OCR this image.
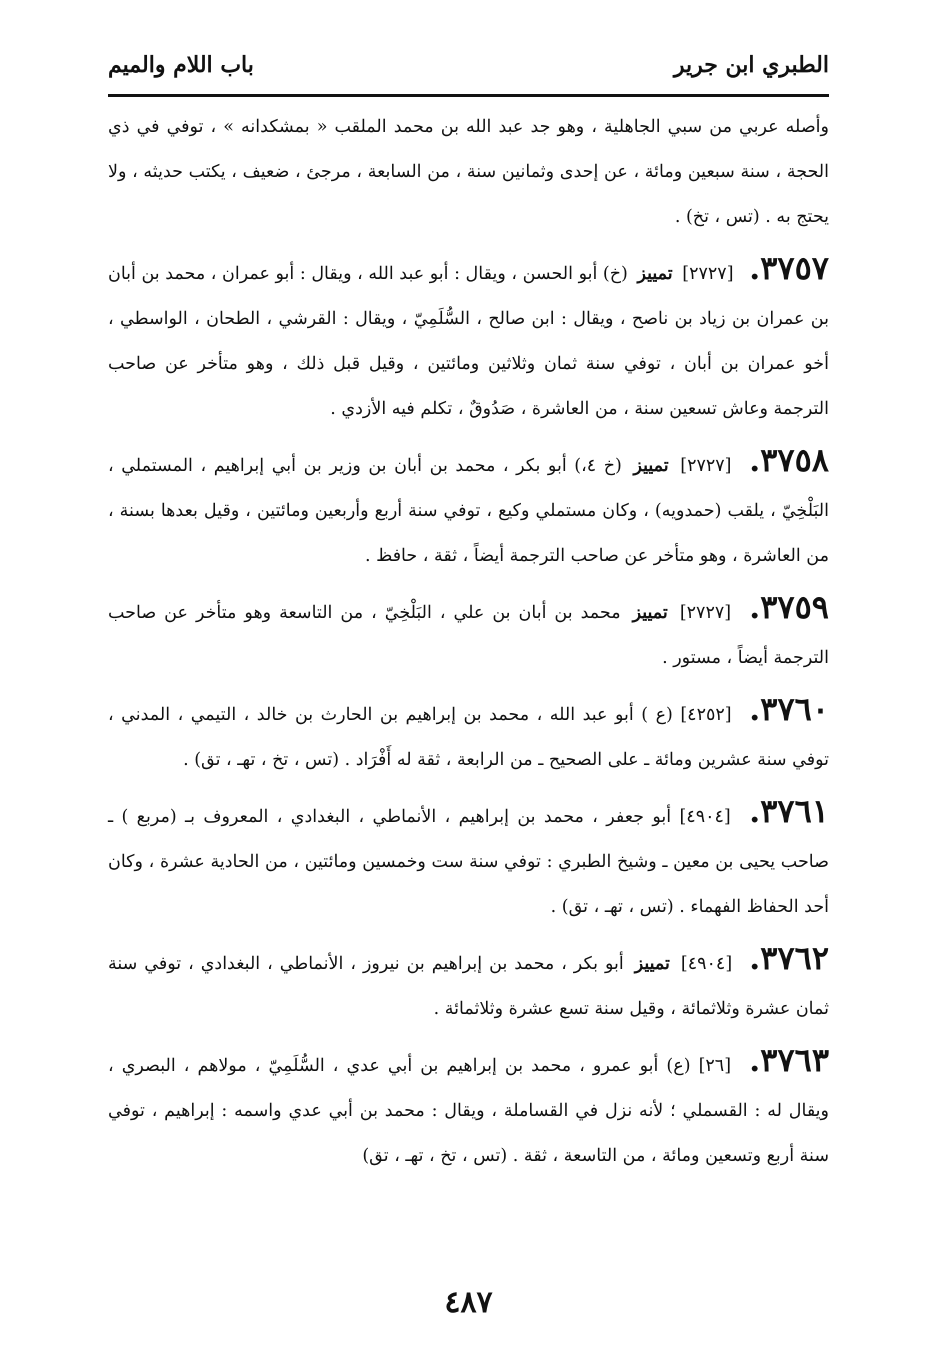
الطبري ابن جرير
باب اللام والميم

وأصله عربي من سبي الجاهلية ، وهو جد عبد الله بن محمد الملقب « بمشكدانه » ، توفي في ذي الحجة ، سنة سبعين ومائة ، عن إحدى وثمانين سنة ، من السابعة ، مرجئ ، ضعيف ، يكتب حديثه ، ولا يحتج به . (تس ، تخ) .

٣٧٥٧. [٢٧٢٧] تمييز (خ) أبو الحسن ، ويقال : أبو عبد الله ، ويقال : أبو عمران ، محمد بن أبان بن عمران بن زياد بن ناصح ، ويقال : ابن صالح ، السُّلَمِيّ ، ويقال : القرشي ، الطحان ، الواسطي ، أخو عمران بن أبان ، توفي سنة ثمان وثلاثين ومائتين ، وقيل قبل ذلك ، وهو متأخر عن صاحب الترجمة وعاش تسعين سنة ، من العاشرة ، صَدُوقٌ ، تكلم فيه الأزدي .

٣٧٥٨. [٢٧٢٧] تمييز (خ ٤،) أبو بكر ، محمد بن أبان بن وزير بن أبي إبراهيم ، المستملي ، البَلْخِيّ ، يلقب (حمدويه) ، وكان مستملي وكيع ، توفي سنة أربع وأربعين ومائتين ، وقيل بعدها بسنة ، من العاشرة ، وهو متأخر عن صاحب الترجمة أيضاً ، ثقة ، حافظ .

٣٧٥٩. [٢٧٢٧] تمييز محمد بن أبان بن علي ، البَلْخِيّ ، من التاسعة وهو متأخر عن صاحب الترجمة أيضاً ، مستور .

٣٧٦٠. [٤٢٥٢] (ع ) أبو عبد الله ، محمد بن إبراهيم بن الحارث بن خالد ، التيمي ، المدني ، توفي سنة عشرين ومائة ـ على الصحيح ـ من الرابعة ، ثقة له أَفْرَاد . (تس ، تخ ، تهـ ، تق) .

٣٧٦١. [٤٩٠٤] أبو جعفر ، محمد بن إبراهيم ، الأنماطي ، البغدادي ، المعروف بـ (مربع ) ـ صاحب يحيى بن معين ـ وشيخ الطبري : توفي سنة ست وخمسين ومائتين ، من الحادية عشرة ، وكان أحد الحفاظ الفهماء . (تس ، تهـ ، تق) .

٣٧٦٢. [٤٩٠٤] تمييز أبو بكر ، محمد بن إبراهيم بن نيروز ، الأنماطي ، البغدادي ، توفي سنة ثمان عشرة وثلاثمائة ، وقيل سنة تسع عشرة وثلاثمائة .

٣٧٦٣. [٢٦] (ع) أبو عمرو ، محمد بن إبراهيم بن أبي عدي ، السُّلَمِيّ ، مولاهم ، البصري ، ويقال له : القسملي ؛ لأنه نزل في القساملة ، ويقال : محمد بن أبي عدي واسمه : إبراهيم ، توفي سنة أربع وتسعين ومائة ، من التاسعة ، ثقة . (تس ، تخ ، تهـ ، تق)

٤٨٧
